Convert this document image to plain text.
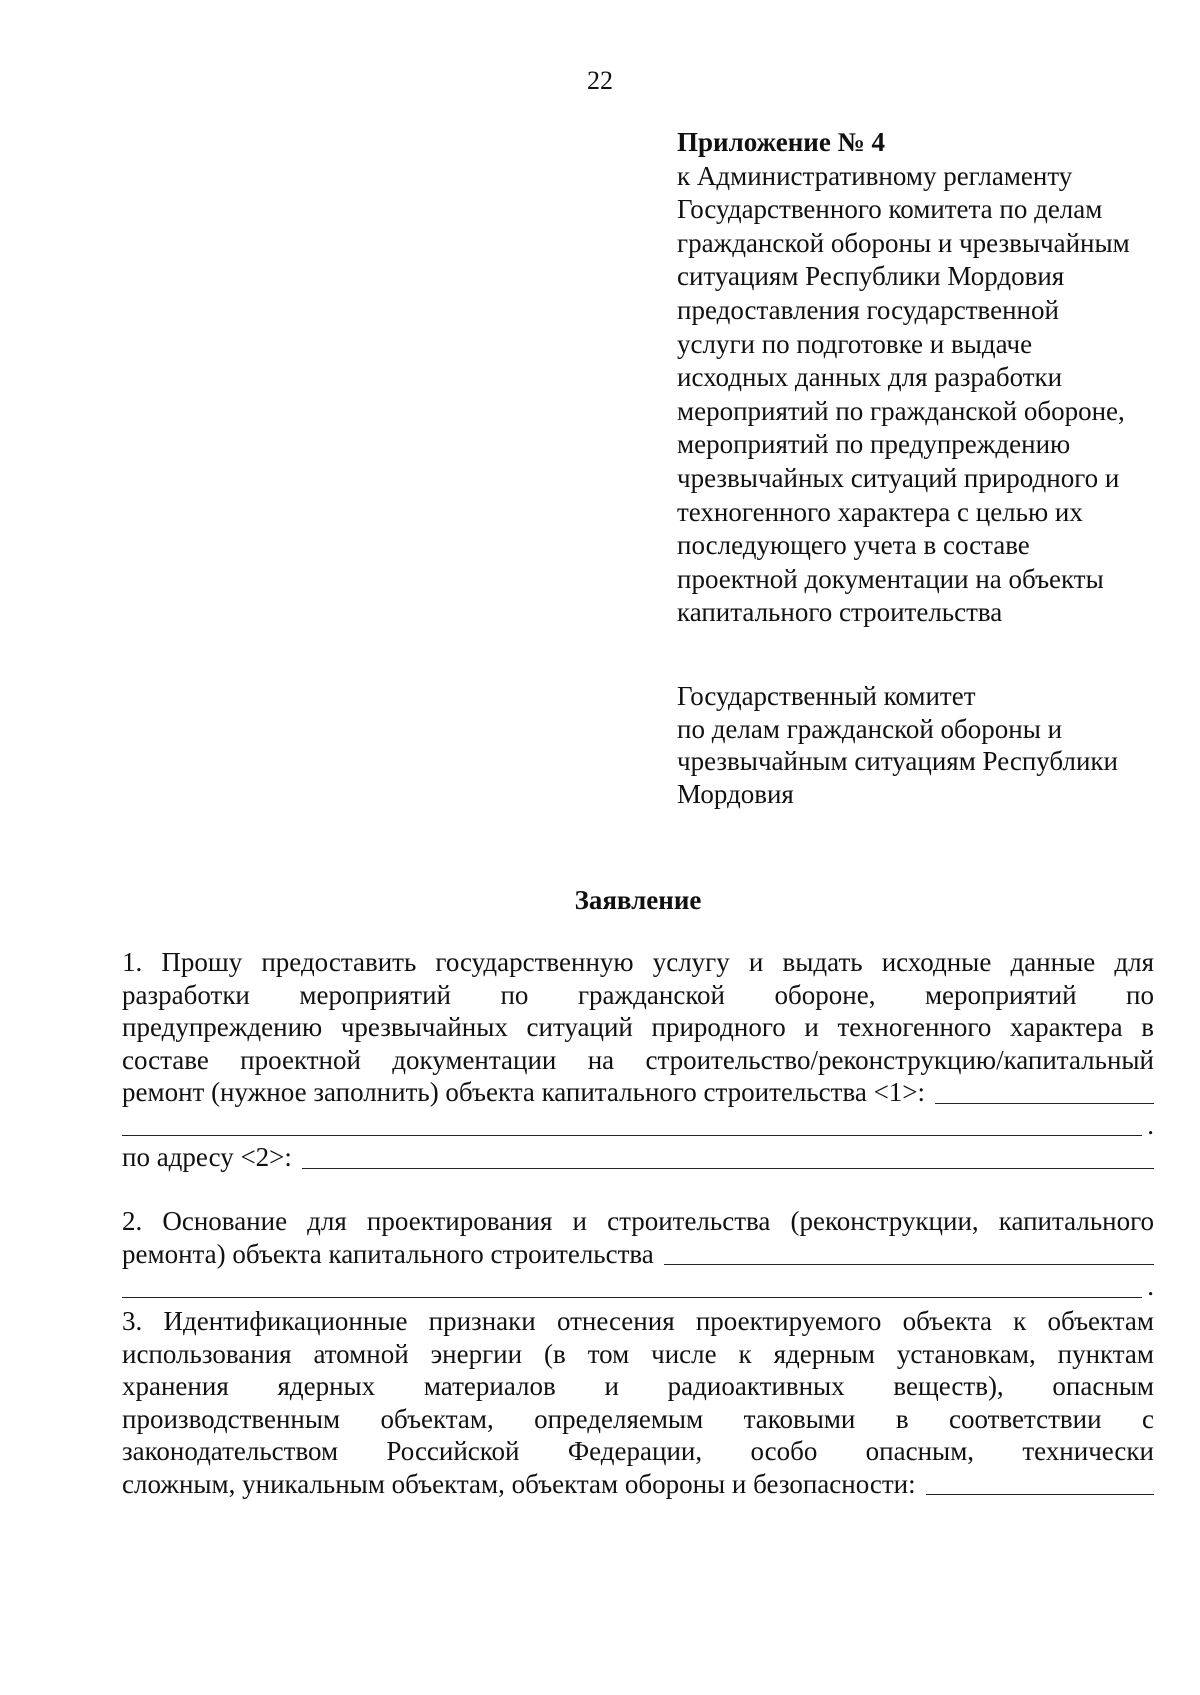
22
Приложение № 4
к Административному регламенту
Государственного комитета по делам
гражданской обороны и чрезвычайным
ситуациям Республики Мордовия
предоставления государственной
услуги по подготовке и выдаче
исходных данных для разработки
мероприятий по гражданской обороне,
мероприятий по предупреждению
чрезвычайных ситуаций природного и
техногенного характера с целью их
последующего учета в составе
проектной документации на объекты
капитального строительства
Государственный комитет
по делам гражданской обороны и
чрезвычайным ситуациям Республики
Мордовия
Заявление
1. Прошу предоставить государственную услугу и выдать исходные данные для
разработки мероприятий по гражданской обороне, мероприятий по
предупреждению чрезвычайных ситуаций природного и техногенного характера в
составе проектной документации на строительство/реконструкцию/капитальный
ремонт (нужное заполнить) объекта капитального строительства <1>:
.
по адресу <2>:
2. Основание для проектирования и строительства (реконструкции, капитального
ремонта) объекта капитального строительства
.
3. Идентификационные признаки отнесения проектируемого объекта к объектам
использования атомной энергии (в том числе к ядерным установкам, пунктам
хранения ядерных материалов и радиоактивных веществ), опасным
производственным объектам, определяемым таковыми в соответствии с
законодательством Российской Федерации, особо опасным, технически
сложным, уникальным объектам, объектам обороны и безопасности:
